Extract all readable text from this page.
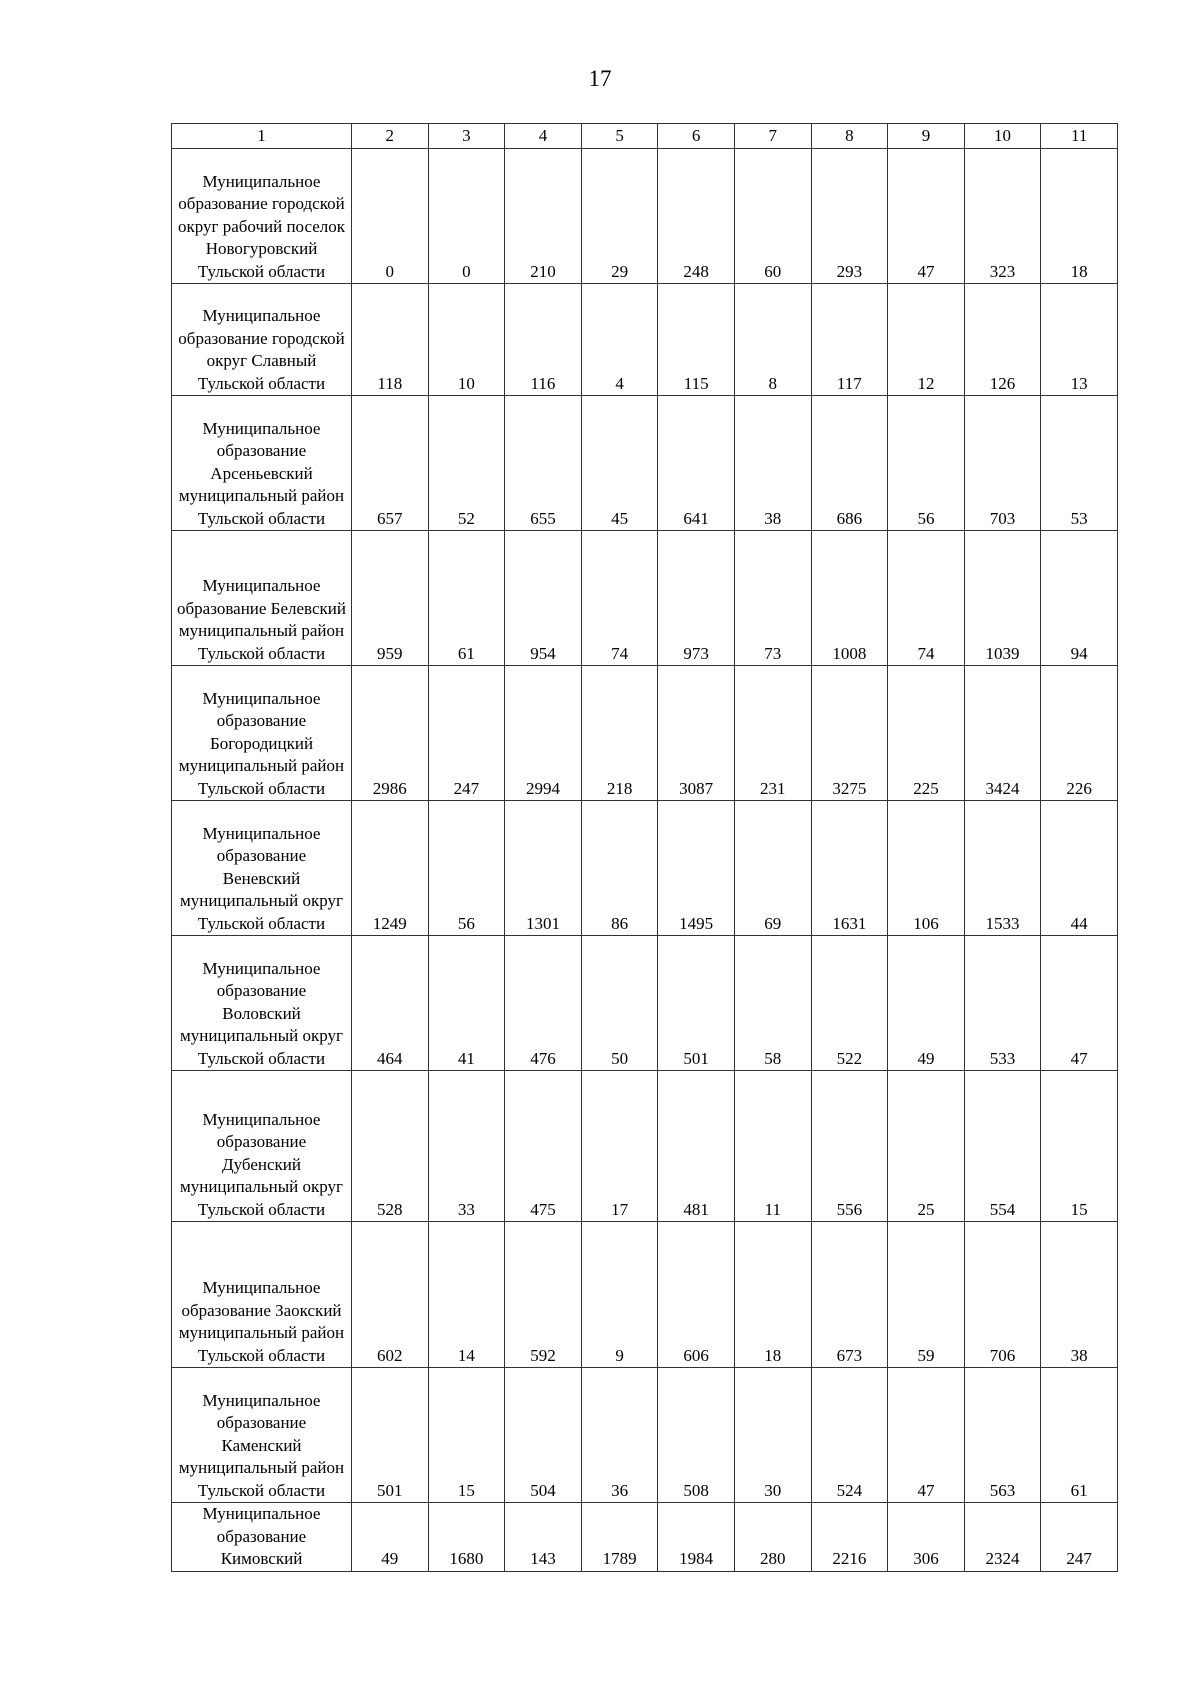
17
1	2	3	4	5	6	7	8	9	10	11
Муниципальное образование городской округ рабочий поселок Новогуровский Тульской области	0	0	210	29	248	60	293	47	323	18
Муниципальное образование городской округ Славный Тульской области	118	10	116	4	115	8	117	12	126	13
Муниципальное образование Арсеньевский муниципальный район Тульской области	657	52	655	45	641	38	686	56	703	53
Муниципальное образование Белевский муниципальный район Тульской области	959	61	954	74	973	73	1008	74	1039	94
Муниципальное образование Богородицкий муниципальный район Тульской области	2986	247	2994	218	3087	231	3275	225	3424	226
Муниципальное образование Веневский муниципальный округ Тульской области	1249	56	1301	86	1495	69	1631	106	1533	44
Муниципальное образование Воловский муниципальный округ Тульской области	464	41	476	50	501	58	522	49	533	47
Муниципальное образование Дубенский муниципальный округ Тульской области	528	33	475	17	481	11	556	25	554	15
Муниципальное образование Заокский муниципальный район Тульской области	602	14	592	9	606	18	673	59	706	38
Муниципальное образование Каменский муниципальный район Тульской области	501	15	504	36	508	30	524	47	563	61
Муниципальное образование Кимовский	49	1680	143	1789	1984	280	2216	306	2324	247
